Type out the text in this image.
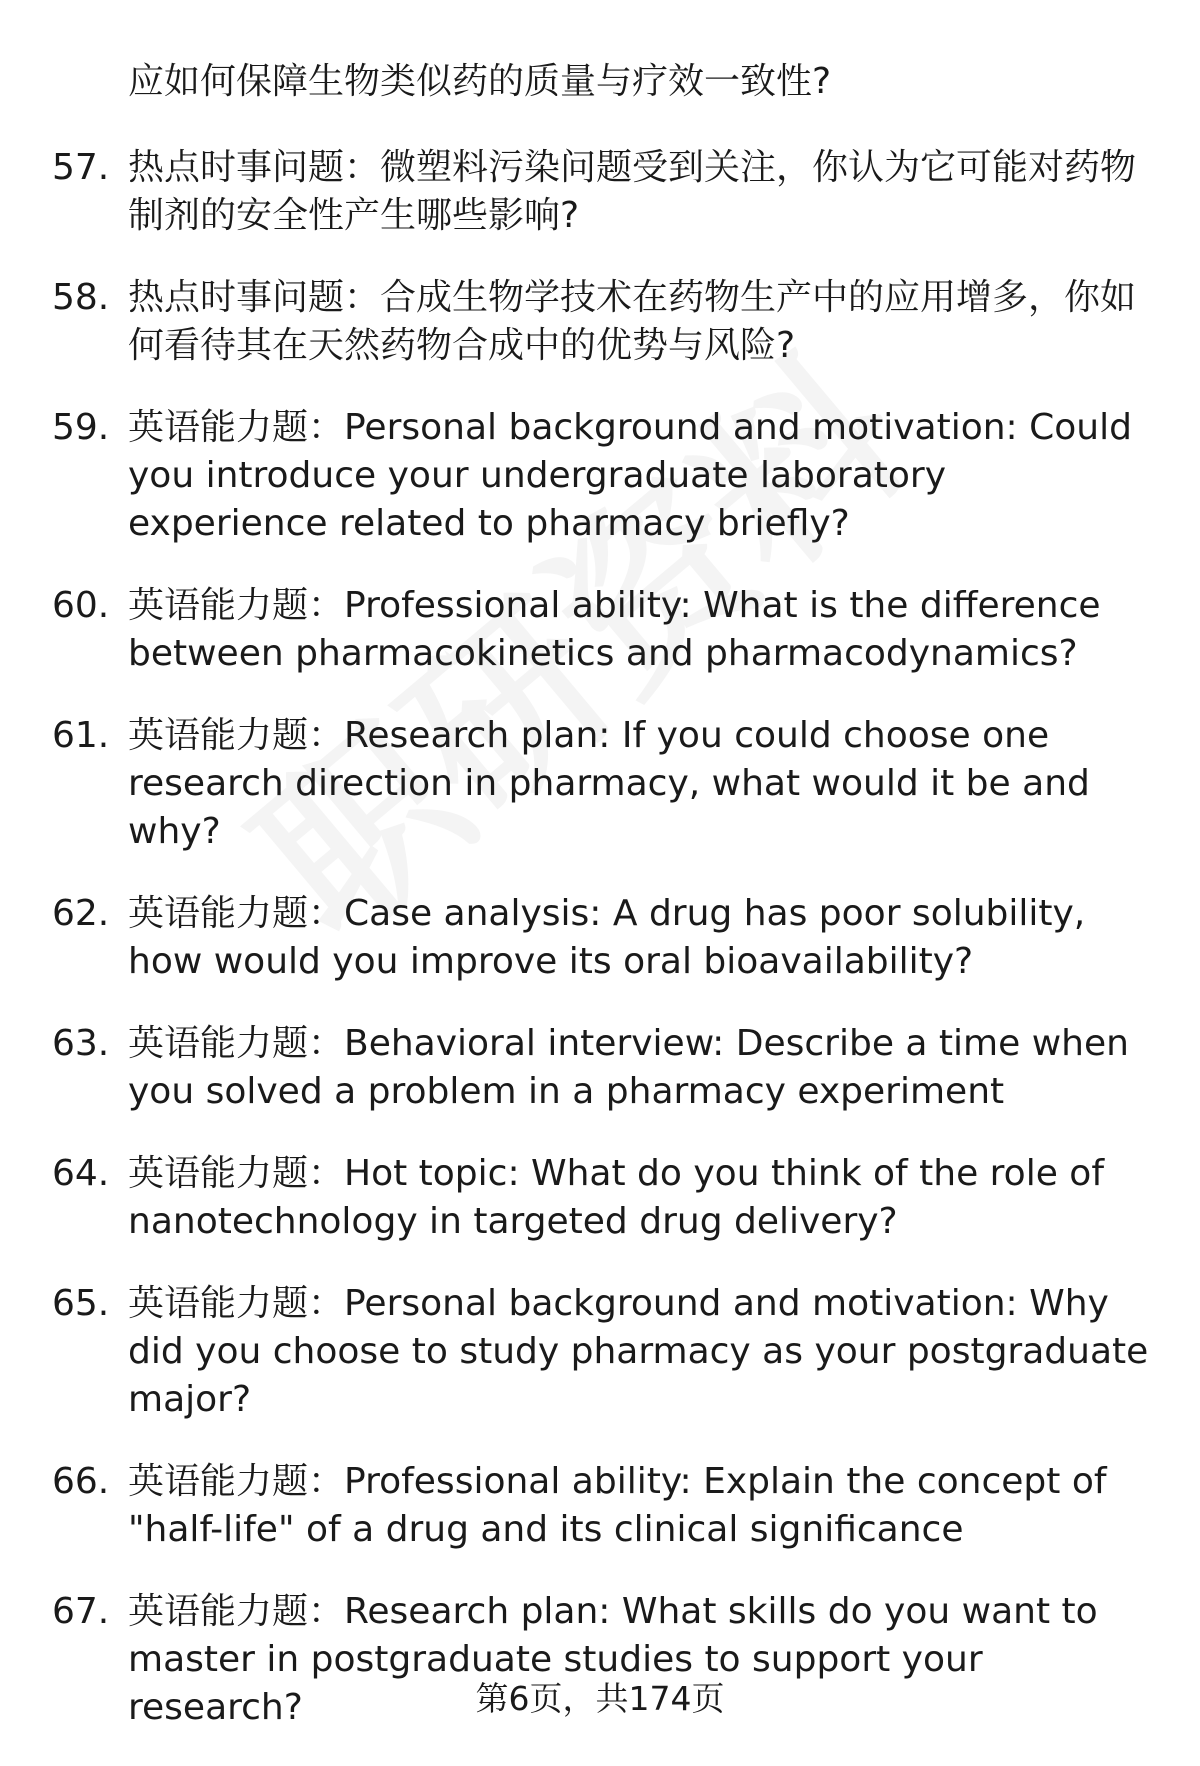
应如何保障生物类似药的质量与疗效一致性?
57. 热点时事问题：微塑料污染问题受到关注，你认为它可能对药物制剂的安全性产生哪些影响?
58. 热点时事问题：合成生物学技术在药物生产中的应用增多，你如何看待其在天然药物合成中的优势与风险?
59. 英语能力题：Personal background and motivation: Could you introduce your undergraduate laboratory experience related to pharmacy briefly?
60. 英语能力题：Professional ability: What is the difference between pharmacokinetics and pharmacodynamics?
61. 英语能力题：Research plan: If you could choose one research direction in pharmacy, what would it be and why?
62. 英语能力题：Case analysis: A drug has poor solubility, how would you improve its oral bioavailability?
63. 英语能力题：Behavioral interview: Describe a time when you solved a problem in a pharmacy experiment
64. 英语能力题：Hot topic: What do you think of the role of nanotechnology in targeted drug delivery?
65. 英语能力题：Personal background and motivation: Why did you choose to study pharmacy as your postgraduate major?
66. 英语能力题：Professional ability: Explain the concept of "half-life" of a drug and its clinical significance
67. 英语能力题：Research plan: What skills do you want to master in postgraduate studies to support your research?	第6页，共174页
